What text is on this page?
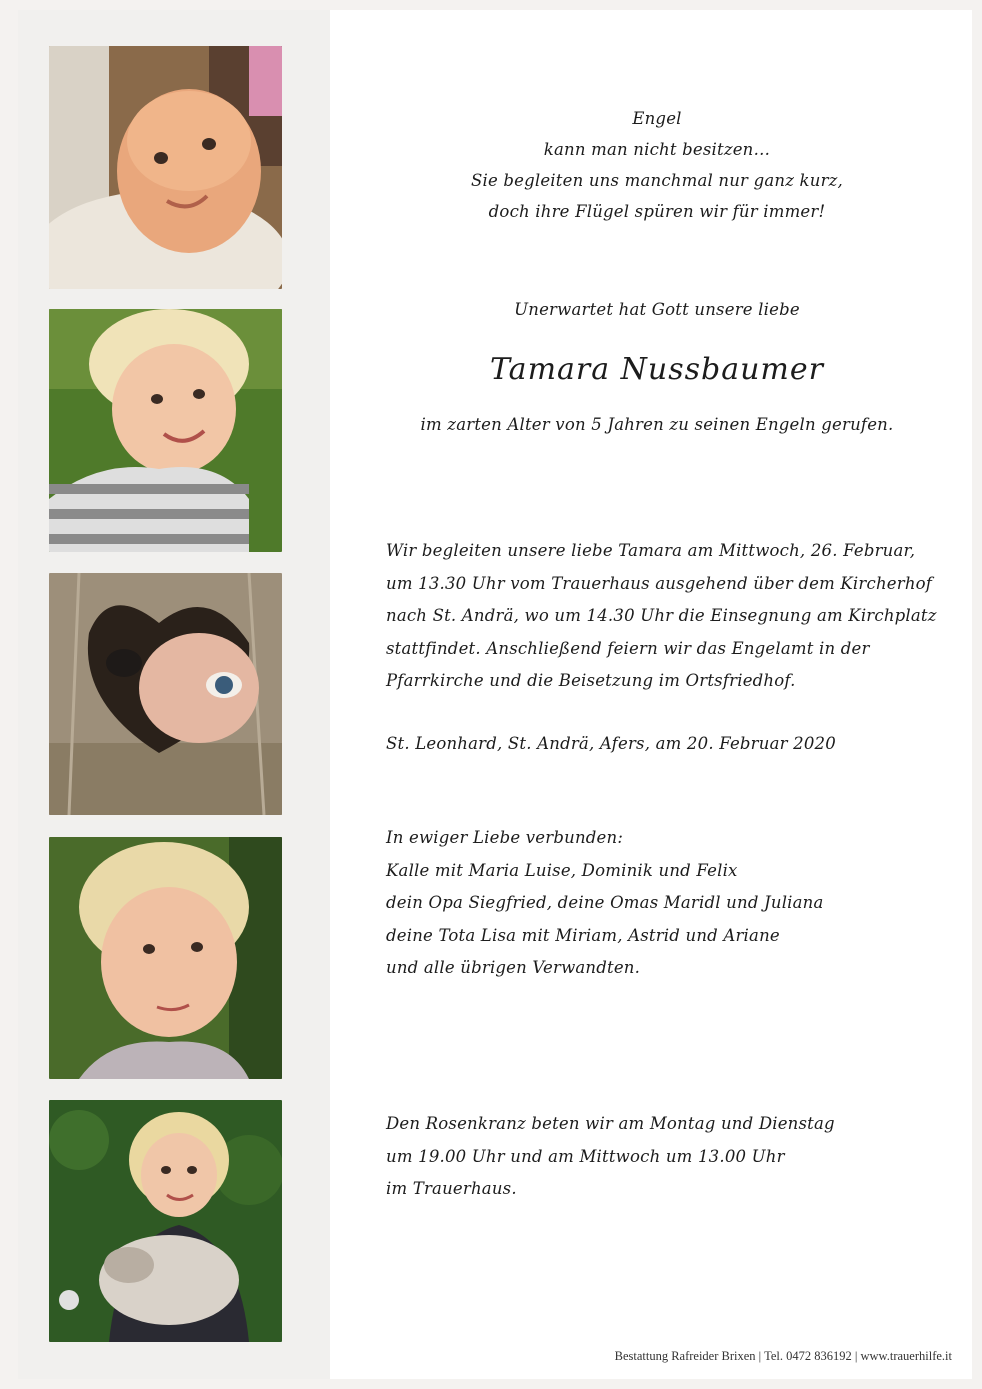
Engel
kann man nicht besitzen…
Sie begleiten uns manchmal nur ganz kurz,
doch ihre Flügel spüren wir für immer!
Unerwartet hat Gott unsere liebe
Tamara Nussbaumer
im zarten Alter von 5 Jahren zu seinen Engeln gerufen.
Wir begleiten unsere liebe Tamara am Mittwoch, 26. Februar,
um 13.30 Uhr vom Trauerhaus ausgehend über dem Kircherhof
nach St. Andrä, wo um 14.30 Uhr die Einsegnung am Kirchplatz
stattfindet. Anschließend feiern wir das Engelamt in der
Pfarrkirche und die Beisetzung im Ortsfriedhof.
St. Leonhard, St. Andrä, Afers, am 20. Februar 2020
In ewiger Liebe verbunden:
Kalle mit Maria Luise, Dominik und Felix
dein Opa Siegfried, deine Omas Maridl und Juliana
deine Tota Lisa mit Miriam, Astrid und Ariane
und alle übrigen Verwandten.
Den Rosenkranz beten wir am Montag und Dienstag
um 19.00 Uhr und am Mittwoch um 13.00 Uhr
im Trauerhaus.
Bestattung Rafreider Brixen | Tel. 0472 836192 | www.trauerhilfe.it
